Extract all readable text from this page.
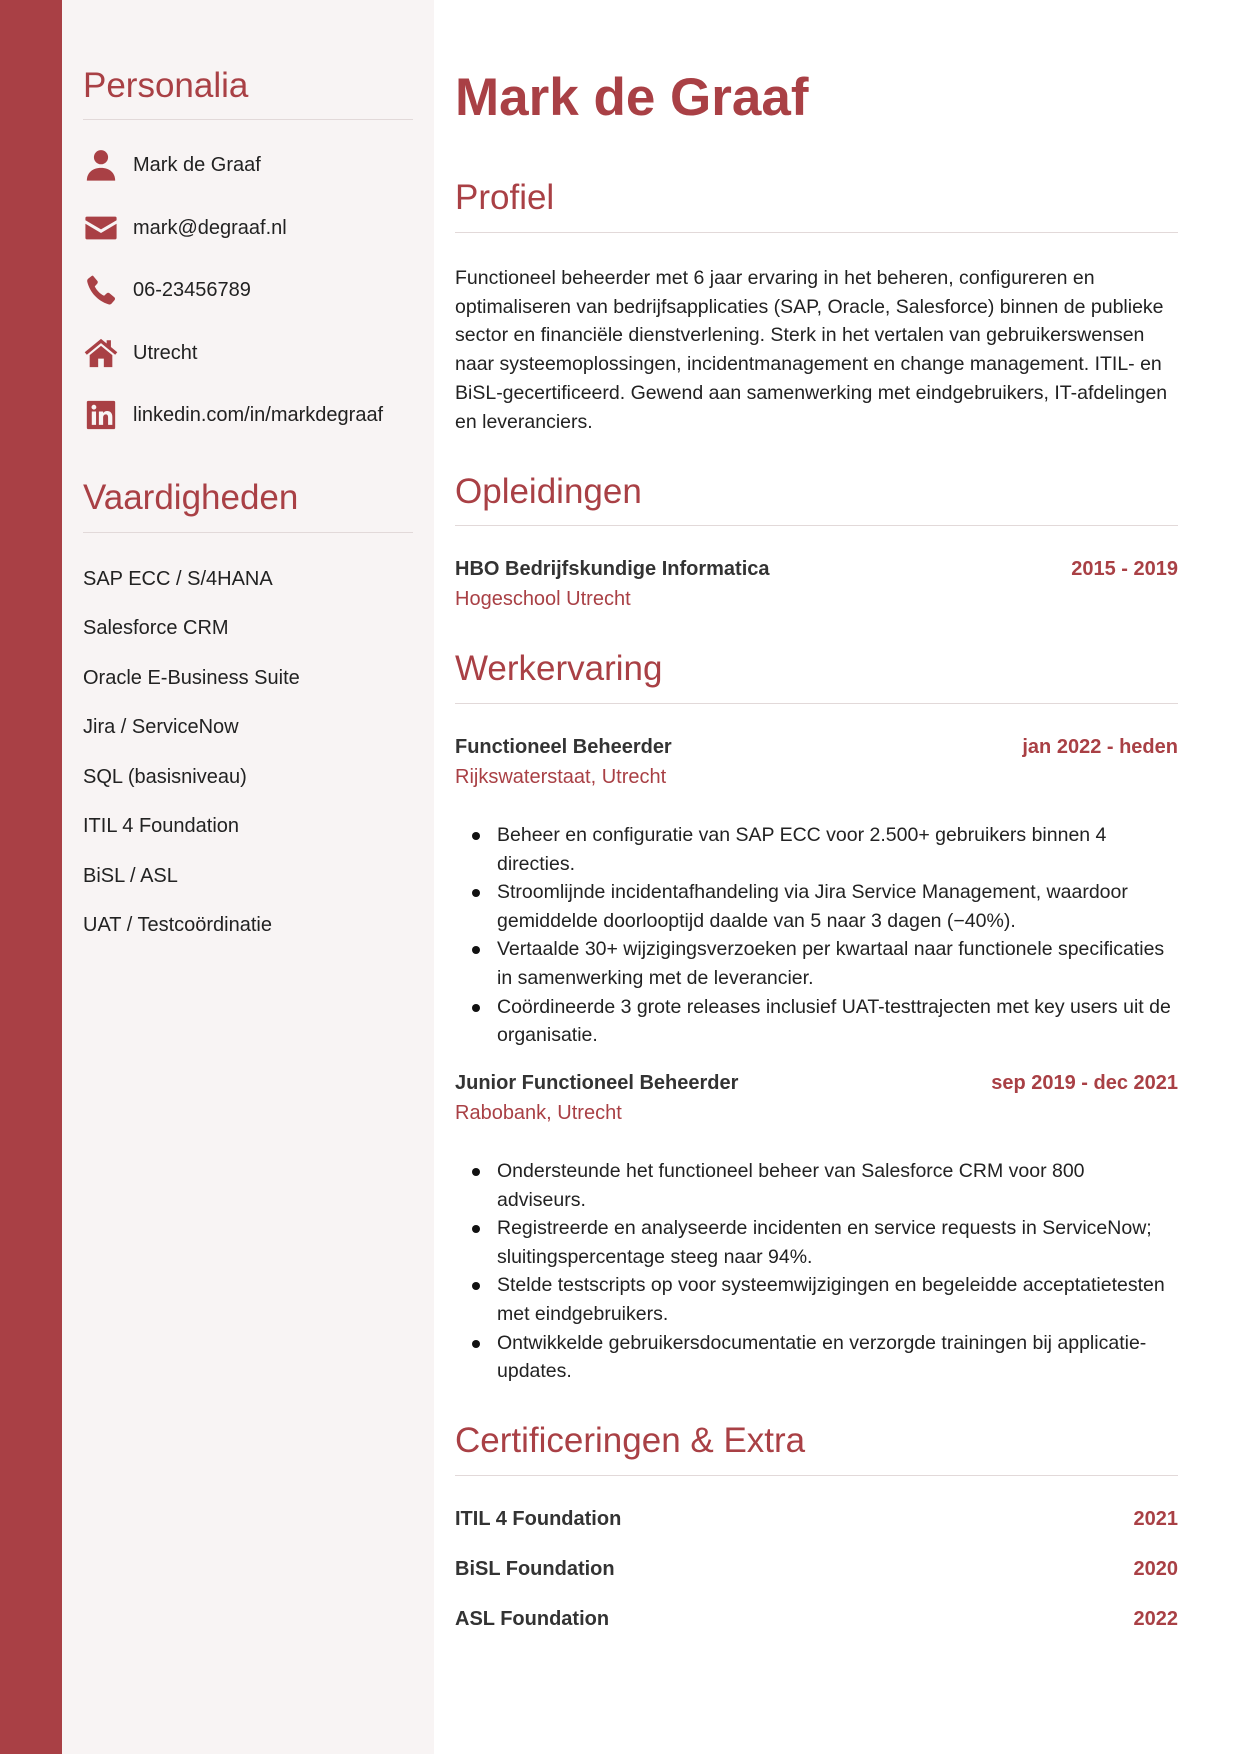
Personalia
Mark de Graaf
mark@degraaf.nl
06-23456789
Utrecht
linkedin.com/in/markdegraaf
Vaardigheden
SAP ECC / S/4HANA
Salesforce CRM
Oracle E-Business Suite
Jira / ServiceNow
SQL (basisniveau)
ITIL 4 Foundation
BiSL / ASL
UAT / Testcoördinatie
Mark de Graaf
Profiel

Functioneel beheerder met 6 jaar ervaring in het beheren, configureren en optimaliseren van bedrijfsapplicaties (SAP, Oracle, Salesforce) binnen de publieke sector en financiële dienstverlening. Sterk in het vertalen van gebruikerswensen naar systeemoplossingen, incidentmanagement en change management. ITIL- en BiSL-gecertificeerd. Gewend aan samenwerking met eindgebruikers, IT-afdelingen en leveranciers.

Opleidingen
HBO Bedrijfskundige Informatica	2015 - 2019
Hogeschool Utrecht
Werkervaring
Functioneel Beheerder	jan 2022 - heden
Rijkswaterstaat, Utrecht
Beheer en configuratie van SAP ECC voor 2.500+ gebruikers binnen 4 directies.
Stroomlijnde incidentafhandeling via Jira Service Management, waardoor gemiddelde doorlooptijd daalde van 5 naar 3 dagen (−40%).
Vertaalde 30+ wijzigingsverzoeken per kwartaal naar functionele specificaties in samenwerking met de leverancier.
Coördineerde 3 grote releases inclusief UAT-testtrajecten met key users uit de organisatie.
Junior Functioneel Beheerder	sep 2019 - dec 2021
Rabobank, Utrecht
Ondersteunde het functioneel beheer van Salesforce CRM voor 800 adviseurs.
Registreerde en analyseerde incidenten en service requests in ServiceNow; sluitingspercentage steeg naar 94%.
Stelde testscripts op voor systeemwijzigingen en begeleidde acceptatietesten met eindgebruikers.
Ontwikkelde gebruikersdocumentatie en verzorgde trainingen bij applicatie-updates.
Certificeringen & Extra
ITIL 4 Foundation	2021
BiSL Foundation	2020
ASL Foundation	2022
